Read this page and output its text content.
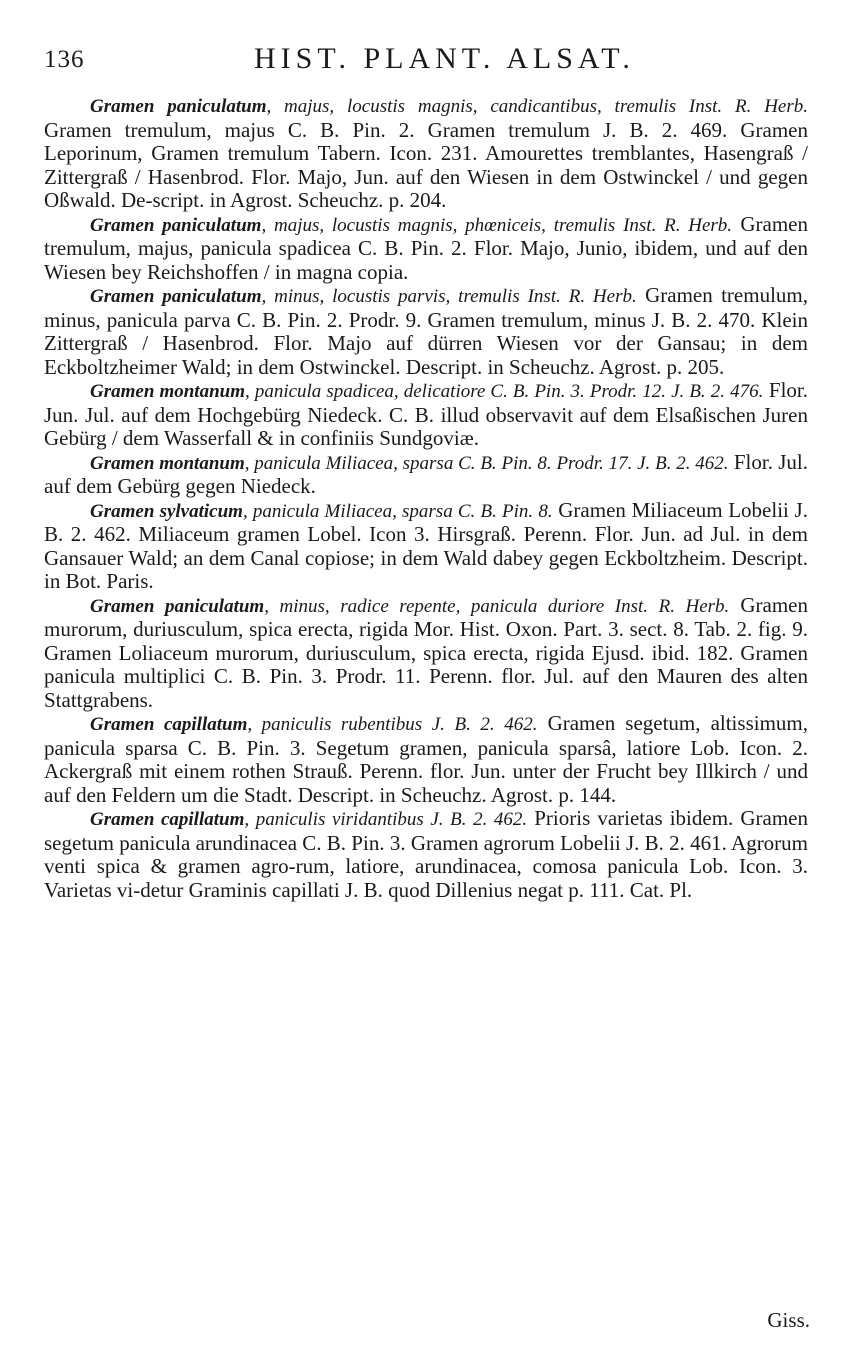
136	HIST. PLANT. ALSAT.

Gramen paniculatum, majus, locustis magnis, candicantibus, tremulis Inst. R. Herb. Gramen tremulum, majus C. B. Pin. 2. Gramen tremulum J. B. 2. 469. Gramen Leporinum, Gramen tremulum Tabern. Icon. 231. Amourettes tremblantes, Hasengraß / Zittergraß / Hasenbrod. Flor. Majo, Jun. auf den Wiesen in dem Ostwinckel / und gegen Oßwald. De-script. in Agrost. Scheuchz. p. 204.

Gramen paniculatum, majus, locustis magnis, phœniceis, tremulis Inst. R. Herb. Gramen tremulum, majus, panicula spadicea C. B. Pin. 2. Flor. Majo, Junio, ibidem, und auf den Wiesen bey Reichshoffen / in magna copia.

Gramen paniculatum, minus, locustis parvis, tremulis Inst. R. Herb. Gramen tremulum, minus, panicula parva C. B. Pin. 2. Prodr. 9. Gramen tremulum, minus J. B. 2. 470. Klein Zittergraß / Hasenbrod. Flor. Majo auf dürren Wiesen vor der Gansau; in dem Eckboltzheimer Wald; in dem Ostwinckel. Descript. in Scheuchz. Agrost. p. 205.

Gramen montanum, panicula spadicea, delicatiore C. B. Pin. 3. Prodr. 12. J. B. 2. 476. Flor. Jun. Jul. auf dem Hochgebürg Niedeck. C. B. illud observavit auf dem Elsaßischen Juren Gebürg / dem Wasserfall & in confiniis Sundgoviæ.

Gramen montanum, panicula Miliacea, sparsa C. B. Pin. 8. Prodr. 17. J. B. 2. 462. Flor. Jul. auf dem Gebürg gegen Niedeck.

Gramen sylvaticum, panicula Miliacea, sparsa C. B. Pin. 8. Gramen Miliaceum Lobelii J. B. 2. 462. Miliaceum gramen Lobel. Icon 3. Hirsgraß. Perenn. Flor. Jun. ad Jul. in dem Gansauer Wald; an dem Canal copiose; in dem Wald dabey gegen Eckboltzheim. Descript. in Bot. Paris.

Gramen paniculatum, minus, radice repente, panicula duriore Inst. R. Herb. Gramen murorum, duriusculum, spica erecta, rigida Mor. Hist. Oxon. Part. 3. sect. 8. Tab. 2. fig. 9. Gramen Loliaceum murorum, duriusculum, spica erecta, rigida Ejusd. ibid. 182. Gramen panicula multiplici C. B. Pin. 3. Prodr. 11. Perenn. flor. Jul. auf den Mauren des alten Stattgrabens.

Gramen capillatum, paniculis rubentibus J. B. 2. 462. Gramen segetum, altissimum, panicula sparsa C. B. Pin. 3. Segetum gramen, panicula sparsâ, latiore Lob. Icon. 2. Ackergraß mit einem rothen Strauß. Perenn. flor. Jun. unter der Frucht bey Illkirch / und auf den Feldern um die Stadt. Descript. in Scheuchz. Agrost. p. 144.

Gramen capillatum, paniculis viridantibus J. B. 2. 462. Prioris varietas ibidem. Gramen segetum panicula arundinacea C. B. Pin. 3. Gramen agrorum Lobelii J. B. 2. 461. Agrorum venti spica & gramen agro-rum, latiore, arundinacea, comosa panicula Lob. Icon. 3. Varietas vi-detur Graminis capillati J. B. quod Dillenius negat p. 111. Cat. Pl.

Giss.
